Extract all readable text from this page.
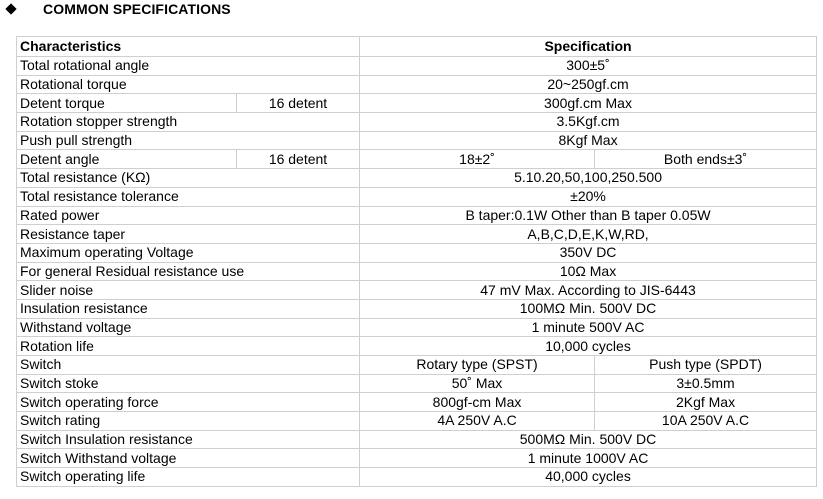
COMMON SPECIFICATIONS
Characteristics		Specification	
Total rotational angle		300±5˚	
Rotational torque		20~250gf.cm	
Detent torque	16 detent	300gf.cm Max	
Rotation stopper strength		3.5Kgf.cm	
Push pull strength		8Kgf Max	
Detent angle	16 detent	18±2˚	Both ends±3˚
Total resistance (KΩ)		5.10.20,50,100,250.500	
Total resistance tolerance		±20%	
Rated power		B taper:0.1W Other than B taper 0.05W	
Resistance taper		A,B,C,D,E,K,W,RD,	
Maximum operating Voltage		350V DC	
For general Residual resistance use		10Ω Max	
Slider noise		47 mV Max. According to JIS-6443	
Insulation resistance		100MΩ Min. 500V DC	
Withstand voltage		1 minute 500V AC	
Rotation life		10,000 cycles	
Switch		Rotary type (SPST)	Push type (SPDT)
Switch stoke		50˚ Max	3±0.5mm
Switch operating force		800gf-cm Max	2Kgf Max
Switch rating		4A 250V A.C	10A 250V A.C
Switch Insulation resistance		500MΩ Min. 500V DC	
Switch Withstand voltage		1 minute 1000V AC	
Switch operating life		40,000 cycles	
